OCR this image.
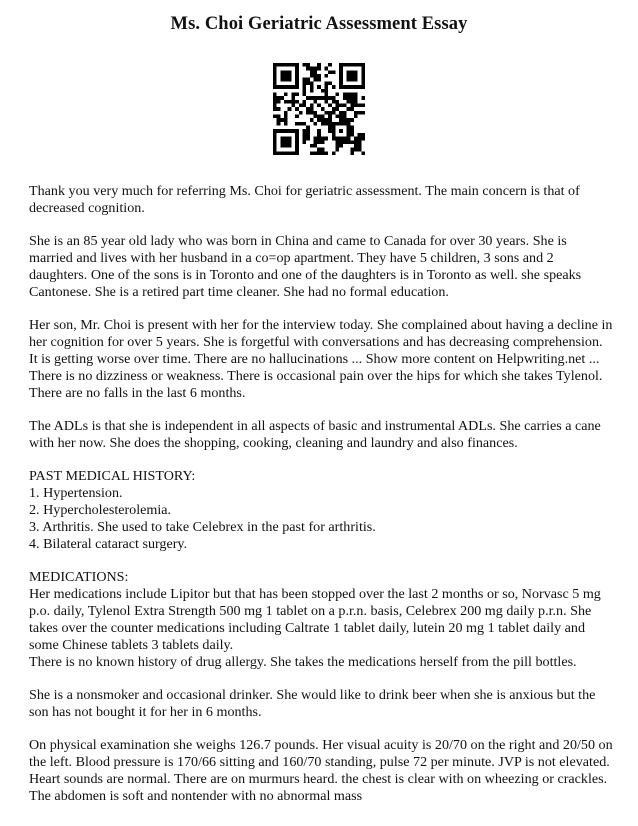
Ms. Choi Geriatric Assessment Essay

Thank you very much for referring Ms. Choi for geriatric assessment. The main concern is that of decreased cognition.

She is an 85 year old lady who was born in China and came to Canada for over 30 years. She is married and lives with her husband in a co=op apartment. They have 5 children, 3 sons and 2 daughters. One of the sons is in Toronto and one of the daughters is in Toronto as well. she speaks Cantonese. She is a retired part time cleaner. She had no formal education.

Her son, Mr. Choi is present with her for the interview today. She complained about having a decline in her cognition for over 5 years. She is forgetful with conversations and has decreasing comprehension. It is getting worse over time. There are no hallucinations ... Show more content on Helpwriting.net ...

There is no dizziness or weakness. There is occasional pain over the hips for which she takes Tylenol. There are no falls in the last 6 months.

The ADLs is that she is independent in all aspects of basic and instrumental ADLs. She carries a cane with her now. She does the shopping, cooking, cleaning and laundry and also finances.

PAST MEDICAL HISTORY:
1. Hypertension.
2. Hypercholesterolemia.
3. Arthritis. She used to take Celebrex in the past for arthritis.
4. Bilateral cataract surgery.

MEDICATIONS:
Her medications include Lipitor but that has been stopped over the last 2 months or so, Norvasc 5 mg p.o. daily, Tylenol Extra Strength 500 mg 1 tablet on a p.r.n. basis, Celebrex 200 mg daily p.r.n. She takes over the counter medications including Caltrate 1 tablet daily, lutein 20 mg 1 tablet daily and some Chinese tablets 3 tablets daily.
There is no known history of drug allergy. She takes the medications herself from the pill bottles.

She is a nonsmoker and occasional drinker. She would like to drink beer when she is anxious but the son has not bought it for her in 6 months.

On physical examination she weighs 126.7 pounds. Her visual acuity is 20/70 on the right and 20/50 on the left. Blood pressure is 170/66 sitting and 160/70 standing, pulse 72 per minute. JVP is not elevated. Heart sounds are normal. There are on murmurs heard. the chest is clear with on wheezing or crackles. The abdomen is soft and nontender with no abnormal mass
